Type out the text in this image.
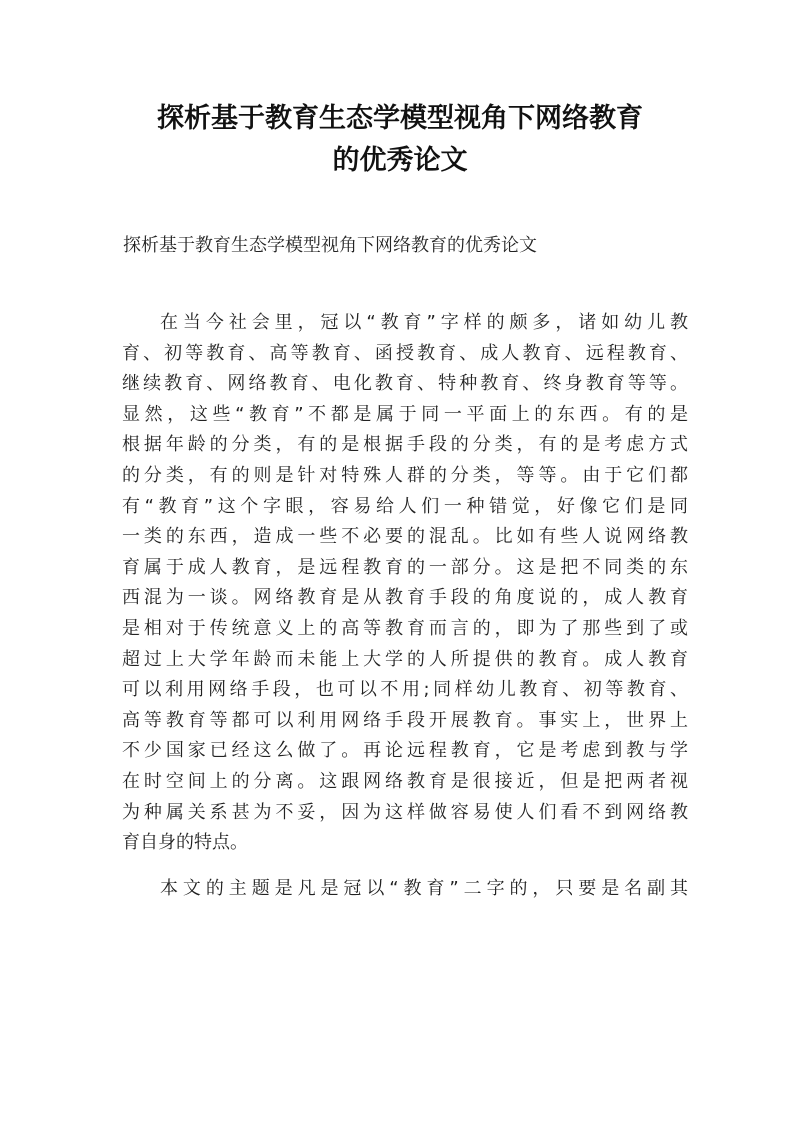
探析基于教育生态学模型视角下网络教育
的优秀论文

探析基于教育生态学模型视角下网络教育的优秀论文

在当今社会里，冠以“教育”字样的颇多，诸如幼儿教
育、初等教育、高等教育、函授教育、成人教育、远程教育、
继续教育、网络教育、电化教育、特种教育、终身教育等等。
显然，这些“教育”不都是属于同一平面上的东西。有的是
根据年龄的分类，有的是根据手段的分类，有的是考虑方式
的分类，有的则是针对特殊人群的分类，等等。由于它们都
有“教育”这个字眼，容易给人们一种错觉，好像它们是同
一类的东西，造成一些不必要的混乱。比如有些人说网络教
育属于成人教育，是远程教育的一部分。这是把不同类的东
西混为一谈。网络教育是从教育手段的角度说的，成人教育
是相对于传统意义上的高等教育而言的，即为了那些到了或
超过上大学年龄而未能上大学的人所提供的教育。成人教育
可以利用网络手段，也可以不用;同样幼儿教育、初等教育、
高等教育等都可以利用网络手段开展教育。事实上，世界上
不少国家已经这么做了。再论远程教育，它是考虑到教与学
在时空间上的分离。这跟网络教育是很接近，但是把两者视
为种属关系甚为不妥，因为这样做容易使人们看不到网络教
育自身的特点。
本文的主题是凡是冠以“教育”二字的，只要是名副其
